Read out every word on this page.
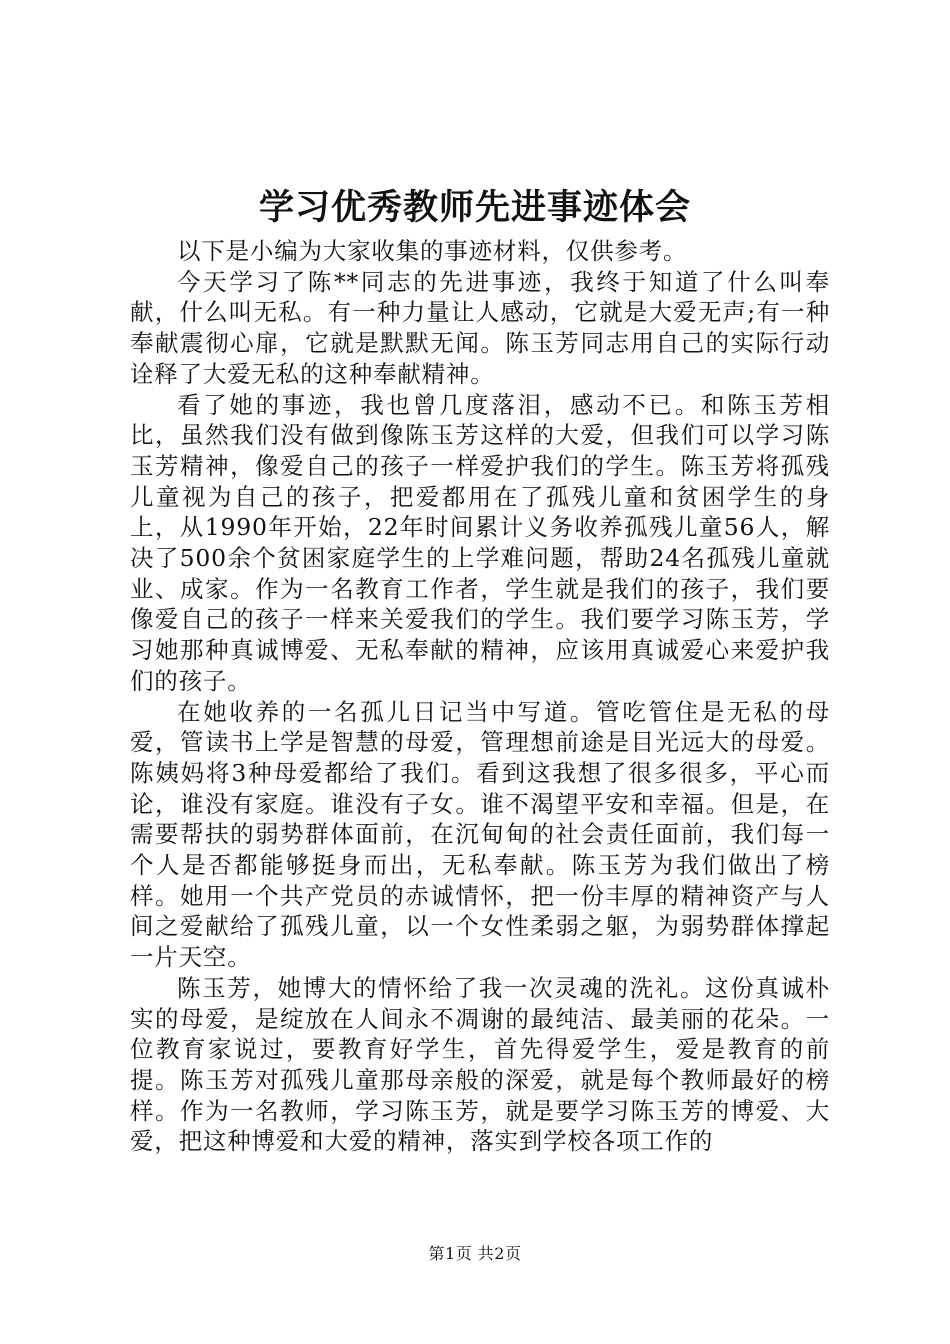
学习优秀教师先进事迹体会

以下是小编为大家收集的事迹材料，仅供参考。

今天学习了陈**同志的先进事迹，我终于知道了什么叫奉献，什么叫无私。有一种力量让人感动，它就是大爱无声;有一种奉献震彻心扉，它就是默默无闻。陈玉芳同志用自己的实际行动诠释了大爱无私的这种奉献精神。

看了她的事迹，我也曾几度落泪，感动不已。和陈玉芳相比，虽然我们没有做到像陈玉芳这样的大爱，但我们可以学习陈玉芳精神，像爱自己的孩子一样爱护我们的学生。陈玉芳将孤残儿童视为自己的孩子，把爱都用在了孤残儿童和贫困学生的身上，从1990年开始，22年时间累计义务收养孤残儿童56人，解决了500余个贫困家庭学生的上学难问题，帮助24名孤残儿童就业、成家。作为一名教育工作者，学生就是我们的孩子，我们要像爱自己的孩子一样来关爱我们的学生。我们要学习陈玉芳，学习她那种真诚博爱、无私奉献的精神，应该用真诚爱心来爱护我们的孩子。

在她收养的一名孤儿日记当中写道。管吃管住是无私的母爱，管读书上学是智慧的母爱，管理想前途是目光远大的母爱。陈姨妈将3种母爱都给了我们。看到这我想了很多很多，平心而论，谁没有家庭。谁没有子女。谁不渴望平安和幸福。但是，在需要帮扶的弱势群体面前，在沉甸甸的社会责任面前，我们每一个人是否都能够挺身而出，无私奉献。陈玉芳为我们做出了榜样。她用一个共产党员的赤诚情怀，把一份丰厚的精神资产与人间之爱献给了孤残儿童，以一个女性柔弱之躯，为弱势群体撑起一片天空。

陈玉芳，她博大的情怀给了我一次灵魂的洗礼。这份真诚朴实的母爱，是绽放在人间永不凋谢的最纯洁、最美丽的花朵。一位教育家说过，要教育好学生，首先得爱学生，爱是教育的前提。陈玉芳对孤残儿童那母亲般的深爱，就是每个教师最好的榜样。作为一名教师，学习陈玉芳，就是要学习陈玉芳的博爱、大爱，把这种博爱和大爱的精神，落实到学校各项工作的

第1页 共2页
